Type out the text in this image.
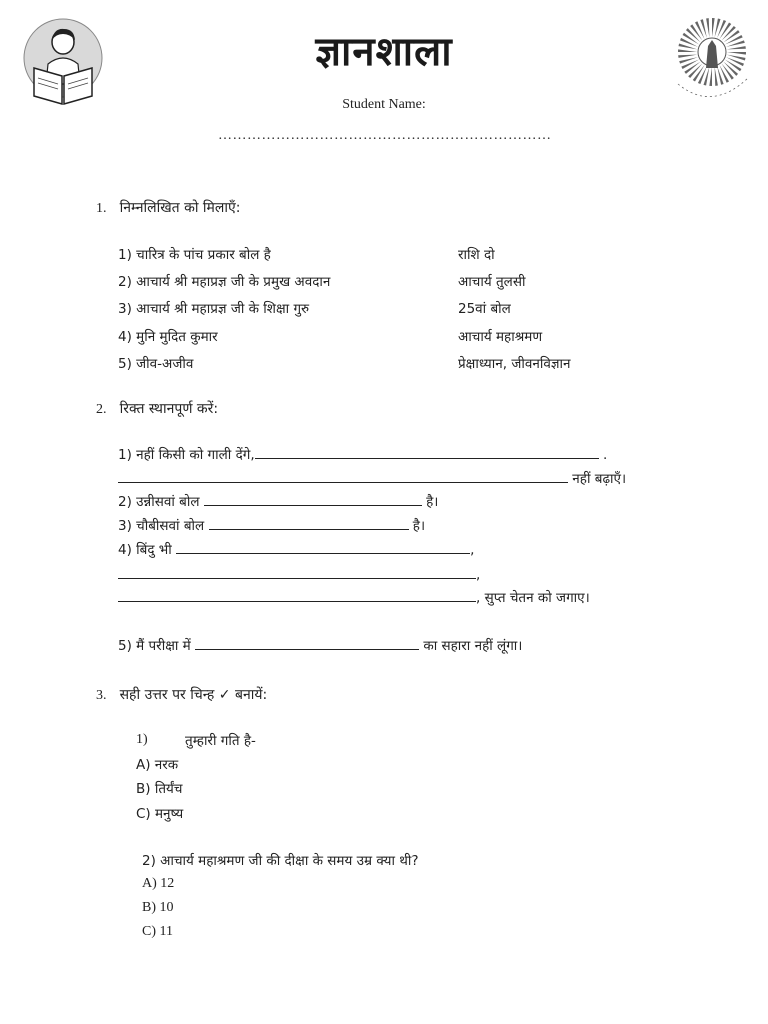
ज्ञानशाला
Student Name:
……………………………………………………………
1. निम्नलिखित को मिलाएँ:
1) चारित्र के पांच प्रकार बोल है	राशि दो
2) आचार्य श्री महाप्रज्ञ जी के प्रमुख अवदान	आचार्य तुलसी
3) आचार्य श्री महाप्रज्ञ जी के शिक्षा गुरु	25वां बोल
4) मुनि मुदित कुमार	आचार्य महाश्रमण
5) जीव-अजीव	प्रेक्षाध्यान, जीवनविज्ञान
2. रिक्त स्थानपूर्ण करें:
1) नहीं किसी को गाली देंगे,	.
नहीं बढ़ाएँ।
2) उन्नीसवां बोल	है।
3) चौबीसवां बोल	है।
4) बिंदु भी	,
,
, सुप्त चेतन को जगाए।
5) मैं परीक्षा में	का सहारा नहीं लूंगा।
3. सही उत्तर पर चिन्ह ✓ बनायें:
1)	तुम्हारी गति है-
A) नरक
B) तिर्यंच
C) मनुष्य
2) आचार्य महाश्रमण जी की दीक्षा के समय उम्र क्या थी?
A) 12
B) 10
C) 11
